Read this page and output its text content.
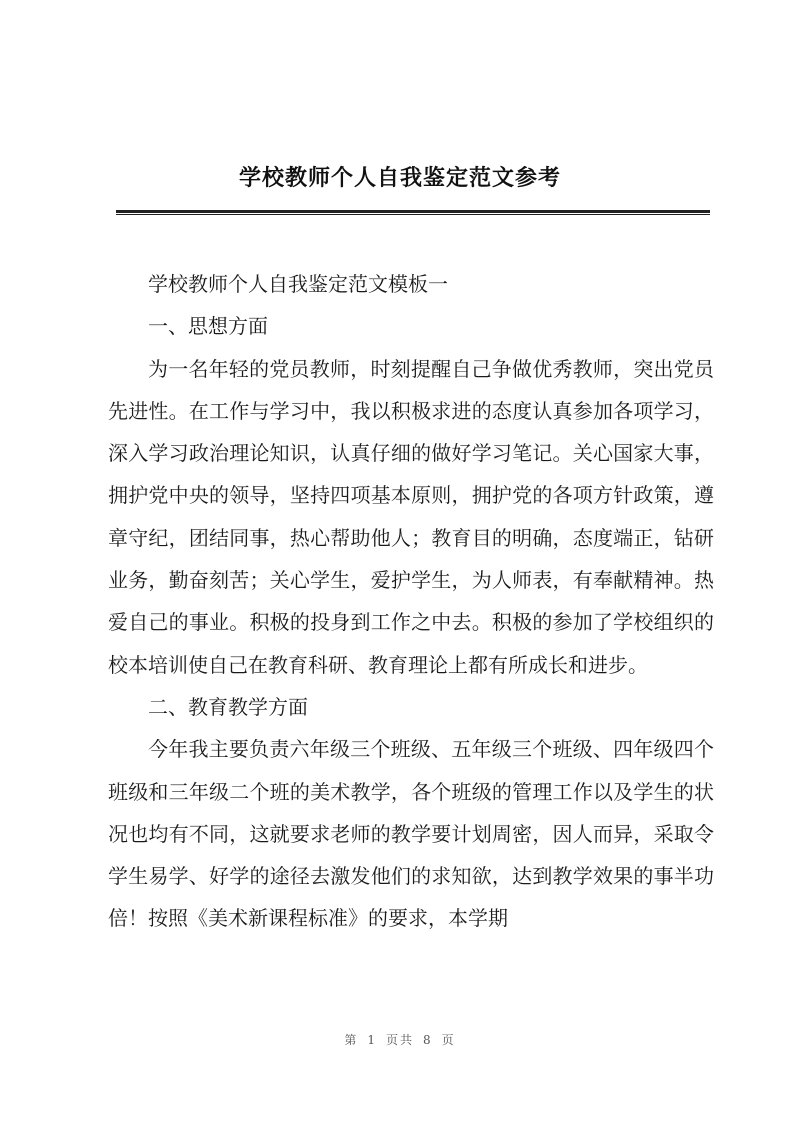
学校教师个人自我鉴定范文参考

学校教师个人自我鉴定范文模板一

一、思想方面

为一名年轻的党员教师，时刻提醒自己争做优秀教师，突出党员先进性。在工作与学习中，我以积极求进的态度认真参加各项学习，深入学习政治理论知识，认真仔细的做好学习笔记。关心国家大事，拥护党中央的领导，坚持四项基本原则，拥护党的各项方针政策，遵章守纪，团结同事，热心帮助他人；教育目的明确，态度端正，钻研业务，勤奋刻苦；关心学生，爱护学生，为人师表，有奉献精神。热爱自己的事业。积极的投身到工作之中去。积极的参加了学校组织的校本培训使自己在教育科研、教育理论上都有所成长和进步。

二、教育教学方面

今年我主要负责六年级三个班级、五年级三个班级、四年级四个班级和三年级二个班的美术教学，各个班级的管理工作以及学生的状况也均有不同，这就要求老师的教学要计划周密，因人而异，采取令学生易学、好学的途径去激发他们的求知欲，达到教学效果的事半功倍！按照《美术新课程标准》的要求，本学期

第 1 页共 8 页
